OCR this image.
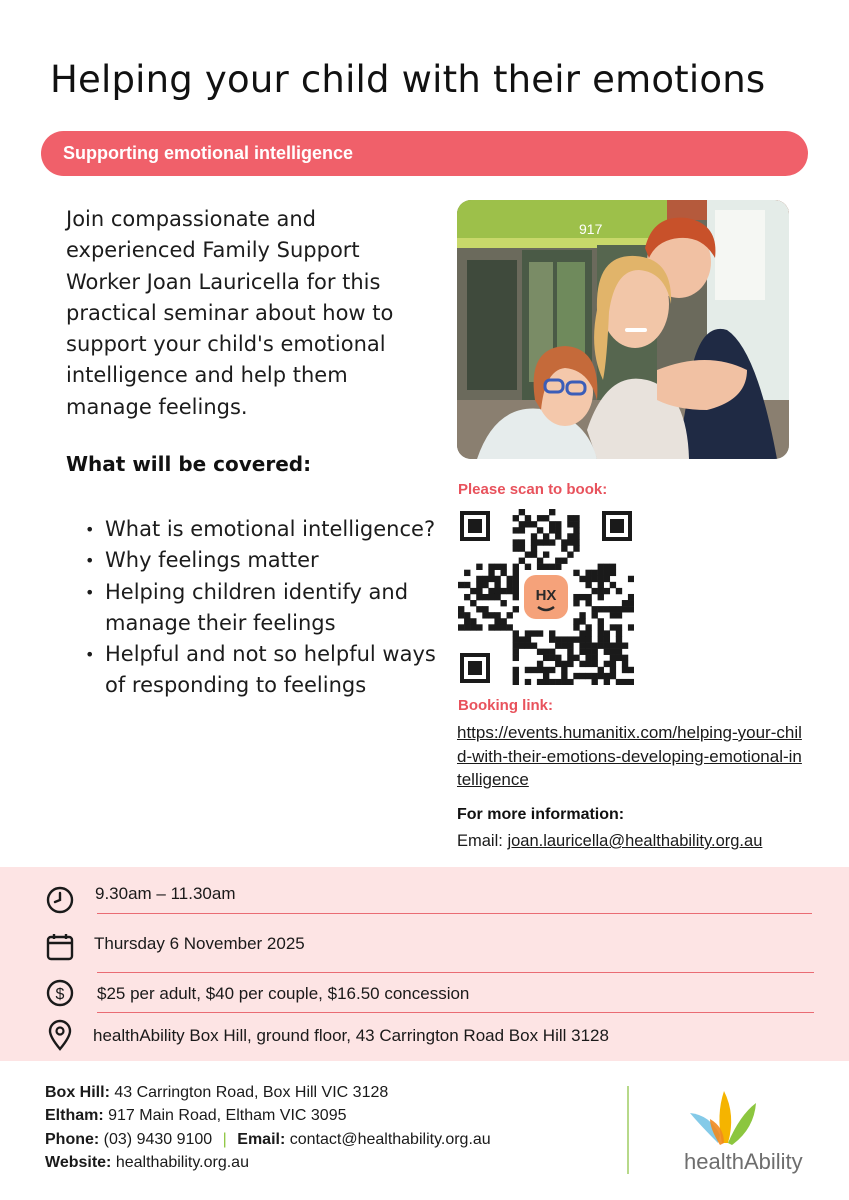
Helping your child with their emotions
Supporting emotional intelligence
Join compassionate and experienced Family Support Worker Joan Lauricella for this practical seminar about how to support your child's emotional intelligence and help them manage feelings.
What will be covered:
• What is emotional intelligence?
• Why feelings matter
• Helping children identify and manage their feelings
• Helpful and not so helpful ways of responding to feelings
917
Please scan to book:
HX
Booking link:
https://events.humanitix.com/helping-your-child-with-their-emotions-developing-emotional-intelligence
For more information:
Email: joan.lauricella@healthability.org.au
9.30am – 11.30am
Thursday 6 November 2025
$ $25 per adult, $40 per couple, $16.50 concession
healthAbility Box Hill, ground floor, 43 Carrington Road Box Hill 3128
Box Hill: 43 Carrington Road, Box Hill VIC 3128
Eltham: 917 Main Road, Eltham VIC 3095
Phone: (03) 9430 9100 | Email: contact@healthability.org.au
Website: healthability.org.au	healthAbility
